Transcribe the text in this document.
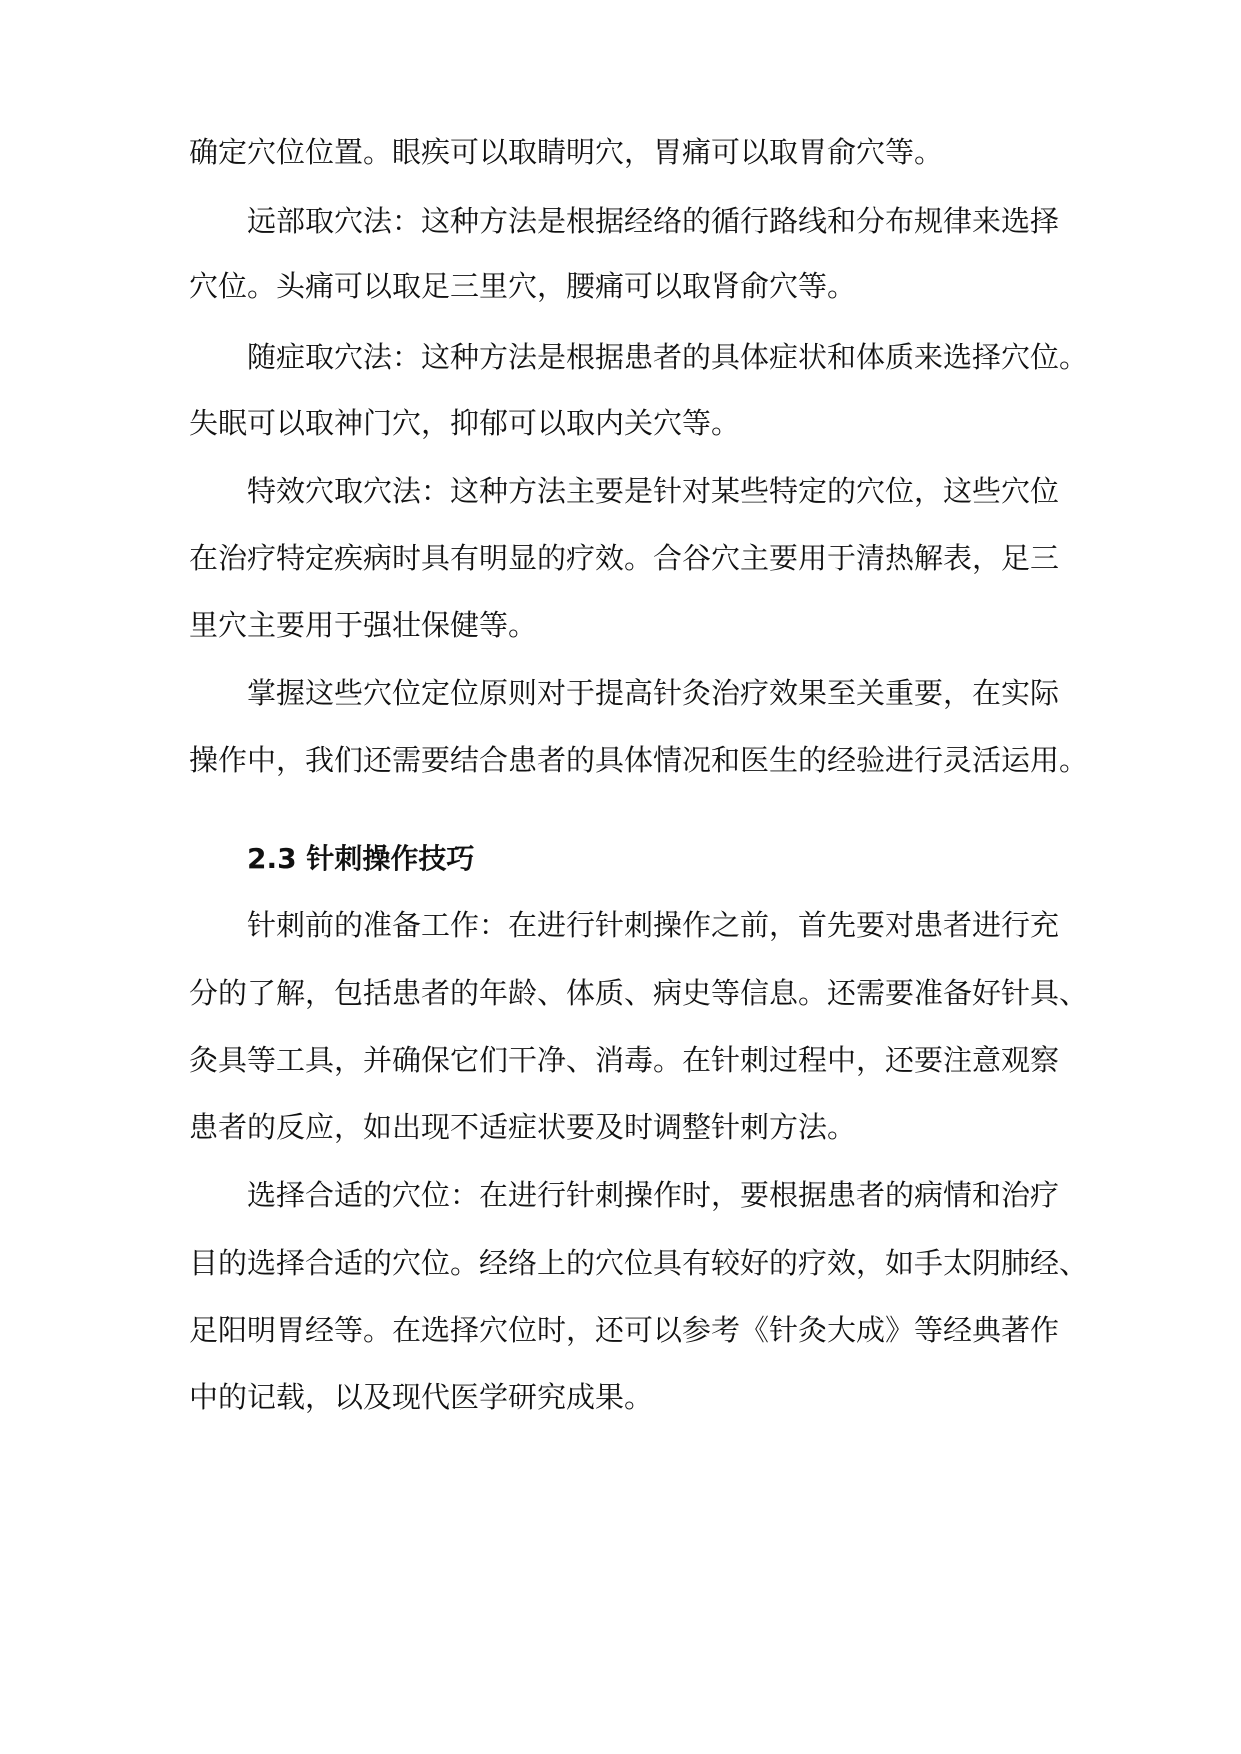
确定穴位位置。眼疾可以取睛明穴，胃痛可以取胃俞穴等。

远部取穴法：这种方法是根据经络的循行路线和分布规律来选择

穴位。头痛可以取足三里穴，腰痛可以取肾俞穴等。

随症取穴法：这种方法是根据患者的具体症状和体质来选择穴位。

失眠可以取神门穴，抑郁可以取内关穴等。

特效穴取穴法：这种方法主要是针对某些特定的穴位，这些穴位

在治疗特定疾病时具有明显的疗效。合谷穴主要用于清热解表，足三

里穴主要用于强壮保健等。

掌握这些穴位定位原则对于提高针灸治疗效果至关重要，在实际

操作中，我们还需要结合患者的具体情况和医生的经验进行灵活运用。

2.3 针刺操作技巧

针刺前的准备工作：在进行针刺操作之前，首先要对患者进行充

分的了解，包括患者的年龄、体质、病史等信息。还需要准备好针具、

灸具等工具，并确保它们干净、消毒。在针刺过程中，还要注意观察

患者的反应，如出现不适症状要及时调整针刺方法。

选择合适的穴位：在进行针刺操作时，要根据患者的病情和治疗

目的选择合适的穴位。经络上的穴位具有较好的疗效，如手太阴肺经、

足阳明胃经等。在选择穴位时，还可以参考《针灸大成》等经典著作

中的记载，以及现代医学研究成果。
